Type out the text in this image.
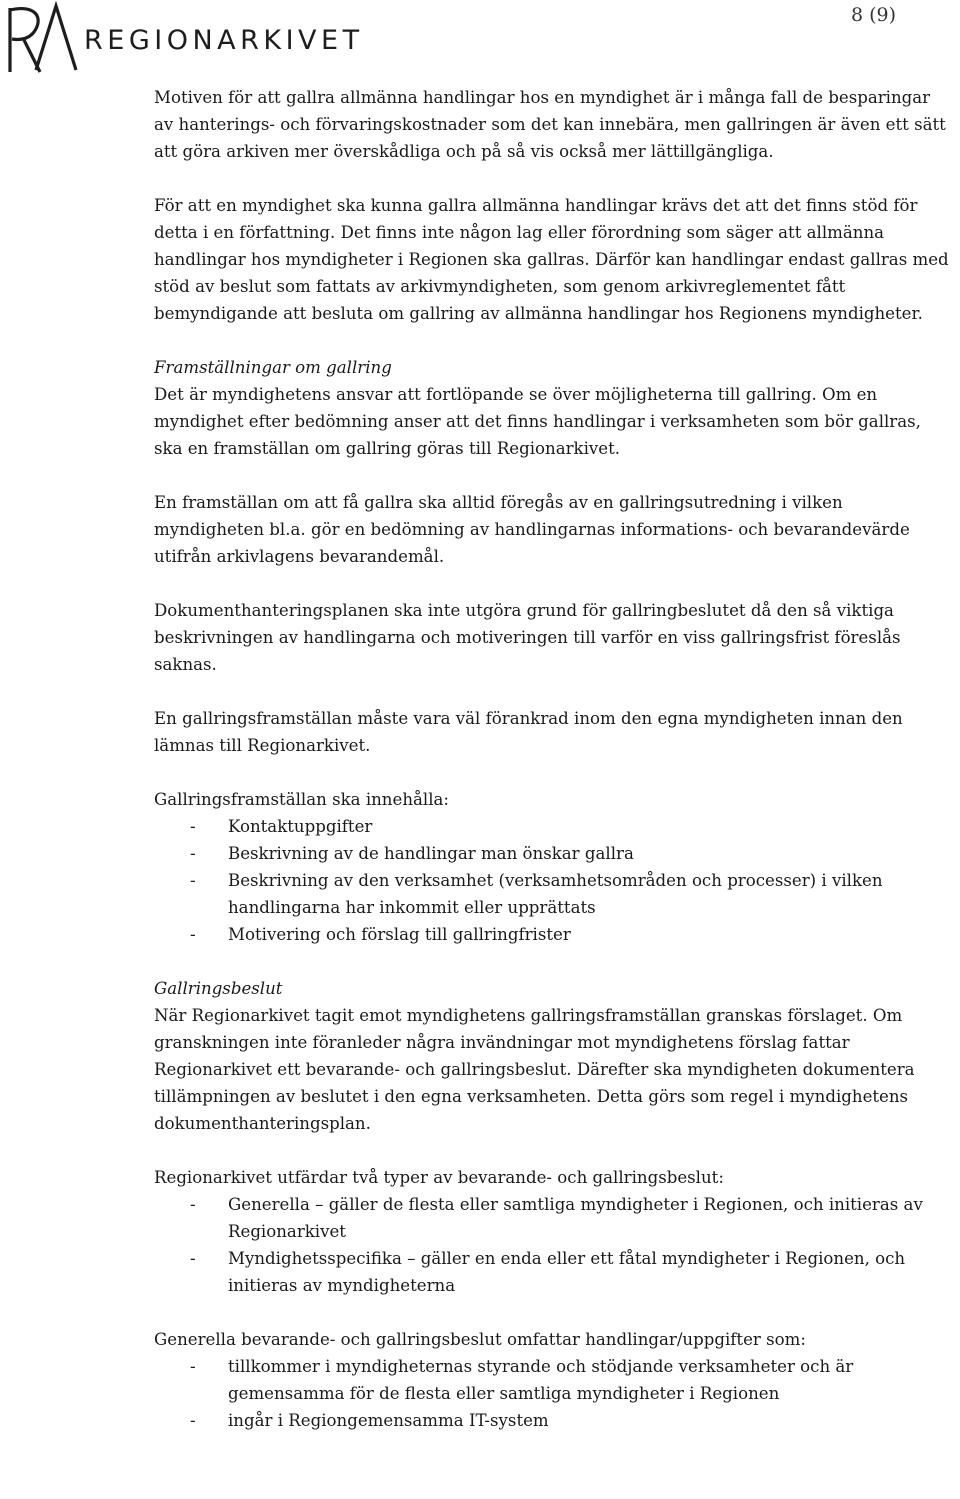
REGIONARKIVET
8 (9)

Motiven för att gallra allmänna handlingar hos en myndighet är i många fall de besparingar av hanterings- och förvaringskostnader som det kan innebära, men gallringen är även ett sätt att göra arkiven mer överskådliga och på så vis också mer lättillgängliga.

För att en myndighet ska kunna gallra allmänna handlingar krävs det att det finns stöd för detta i en författning. Det finns inte någon lag eller förordning som säger att allmänna handlingar hos myndigheter i Regionen ska gallras. Därför kan handlingar endast gallras med stöd av beslut som fattats av arkivmyndigheten, som genom arkivreglementet fått bemyndigande att besluta om gallring av allmänna handlingar hos Regionens myndigheter.

Framställningar om gallring

Det är myndighetens ansvar att fortlöpande se över möjligheterna till gallring. Om en myndighet efter bedömning anser att det finns handlingar i verksamheten som bör gallras, ska en framställan om gallring göras till Regionarkivet.

En framställan om att få gallra ska alltid föregås av en gallringsutredning i vilken myndigheten bl.a. gör en bedömning av handlingarnas informations- och bevarandevärde utifrån arkivlagens bevarandemål.

Dokumenthanteringsplanen ska inte utgöra grund för gallringbeslutet då den så viktiga beskrivningen av handlingarna och motiveringen till varför en viss gallringsfrist föreslås saknas.

En gallringsframställan måste vara väl förankrad inom den egna myndigheten innan den lämnas till Regionarkivet.

Gallringsframställan ska innehålla:
- Kontaktuppgifter
- Beskrivning av de handlingar man önskar gallra
- Beskrivning av den verksamhet (verksamhetsområden och processer) i vilken handlingarna har inkommit eller upprättats
- Motivering och förslag till gallringfrister

Gallringsbeslut

När Regionarkivet tagit emot myndighetens gallringsframställan granskas förslaget. Om granskningen inte föranleder några invändningar mot myndighetens förslag fattar Regionarkivet ett bevarande- och gallringsbeslut. Därefter ska myndigheten dokumentera tillämpningen av beslutet i den egna verksamheten. Detta görs som regel i myndighetens dokumenthanteringsplan.

Regionarkivet utfärdar två typer av bevarande- och gallringsbeslut:
- Generella – gäller de flesta eller samtliga myndigheter i Regionen, och initieras av Regionarkivet
- Myndighetsspecifika – gäller en enda eller ett fåtal myndigheter i Regionen, och initieras av myndigheterna
Generella bevarande- och gallringsbeslut omfattar handlingar/uppgifter som:
- tillkommer i myndigheternas styrande och stödjande verksamheter och är gemensamma för de flesta eller samtliga myndigheter i Regionen
- ingår i Regiongemensamma IT-system
